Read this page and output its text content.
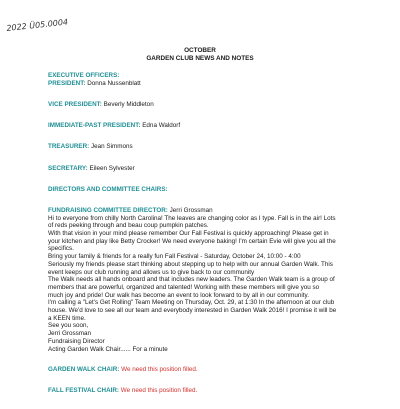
2022 Ü05.0004
OCTOBER
GARDEN CLUB NEWS AND NOTES
EXECUTIVE OFFICERS:
PRESIDENT: Donna Nussenblatt
VICE PRESIDENT: Beverly Middleton
IMMEDIATE-PAST PRESIDENT: Edna Waldorf
TREASURER: Jean Simmons
SECRETARY: Eileen Sylvester
DIRECTORS AND COMMITTEE CHAIRS:
FUNDRAISING COMMITTEE DIRECTOR: Jerri Grossman

Hi to everyone from chilly North Carolina! The leaves are changing color as I type. Fall is in the air! Lots

of reds peeking through and beau coup pumpkin patches.

With that vision in your mind please remember Our Fall Festival is quickly approaching! Please get in

your kitchen and play like Betty Crocker! We need everyone baking! I'm certain Evie will give you all the

specifics.

Bring your family & friends for a really fun Fall Festival - Saturday, October 24, 10:00 - 4:00

Seriously my friends please start thinking about stepping up to help with our annual Garden Walk. This

event keeps our club running and allows us to give back to our community

The Walk needs all hands onboard and that includes new leaders. The Garden Walk team is a group of

members that are powerful, organized and talented! Working with these members will give you so

much joy and pride! Our walk has become an event to look forward to by all in our community.

I'm calling a "Let's Get Rolling" Team Meeting on Thursday, Oct. 29, at 1:30 In the afternoon at our club

house. We'd love to see all our team and everybody interested in Garden Walk 2016! I promise it will be

a KEEN time.

See you soon,

Jerri Grossman

Fundraising Director

Acting Garden Walk Chair...... For a minute

GARDEN WALK CHAIR: We need this position filled.
FALL FESTIVAL CHAIR: We need this position filled.
